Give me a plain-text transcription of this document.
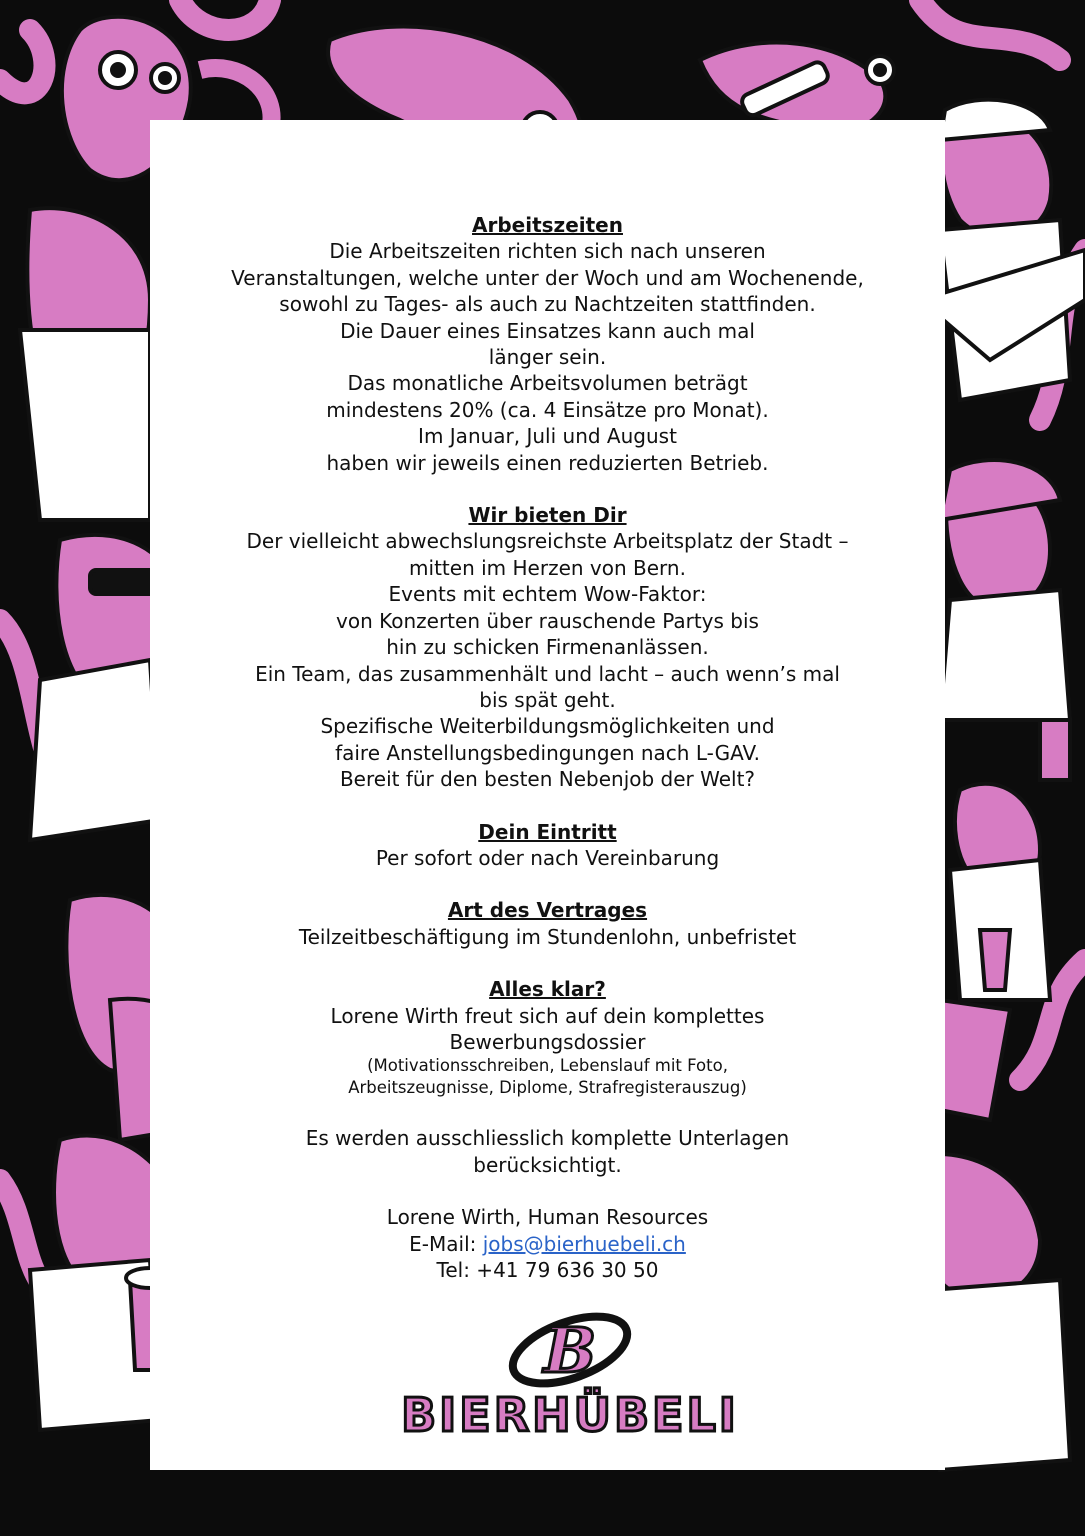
Arbeitszeiten

Die Arbeitszeiten richten sich nach unseren

Veranstaltungen, welche unter der Woch und am Wochenende,

sowohl zu Tages- als auch zu Nachtzeiten stattfinden.

Die Dauer eines Einsatzes kann auch mal

länger sein.

Das monatliche Arbeitsvolumen beträgt

mindestens 20% (ca. 4 Einsätze pro Monat).

Im Januar, Juli und August

haben wir jeweils einen reduzierten Betrieb.

Wir bieten Dir

Der vielleicht abwechslungsreichste Arbeitsplatz der Stadt –

mitten im Herzen von Bern.

Events mit echtem Wow-Faktor:

von Konzerten über rauschende Partys bis

hin zu schicken Firmenanlässen.

Ein Team, das zusammenhält und lacht – auch wenn’s mal

bis spät geht.

Spezifische Weiterbildungsmöglichkeiten und

faire Anstellungsbedingungen nach L-GAV.

Bereit für den besten Nebenjob der Welt?

Dein Eintritt

Per sofort oder nach Vereinbarung

Art des Vertrages

Teilzeitbeschäftigung im Stundenlohn, unbefristet

Alles klar?

Lorene Wirth freut sich auf dein komplettes

Bewerbungsdossier

(Motivationsschreiben, Lebenslauf mit Foto,

Arbeitszeugnisse, Diplome, Strafregisterauszug)

Es werden ausschliesslich komplette Unterlagen

berücksichtigt.

Lorene Wirth, Human Resources

E-Mail: jobs@bierhuebeli.ch

Tel: +41 79 636 30 50

B
BIERHÜBELI
